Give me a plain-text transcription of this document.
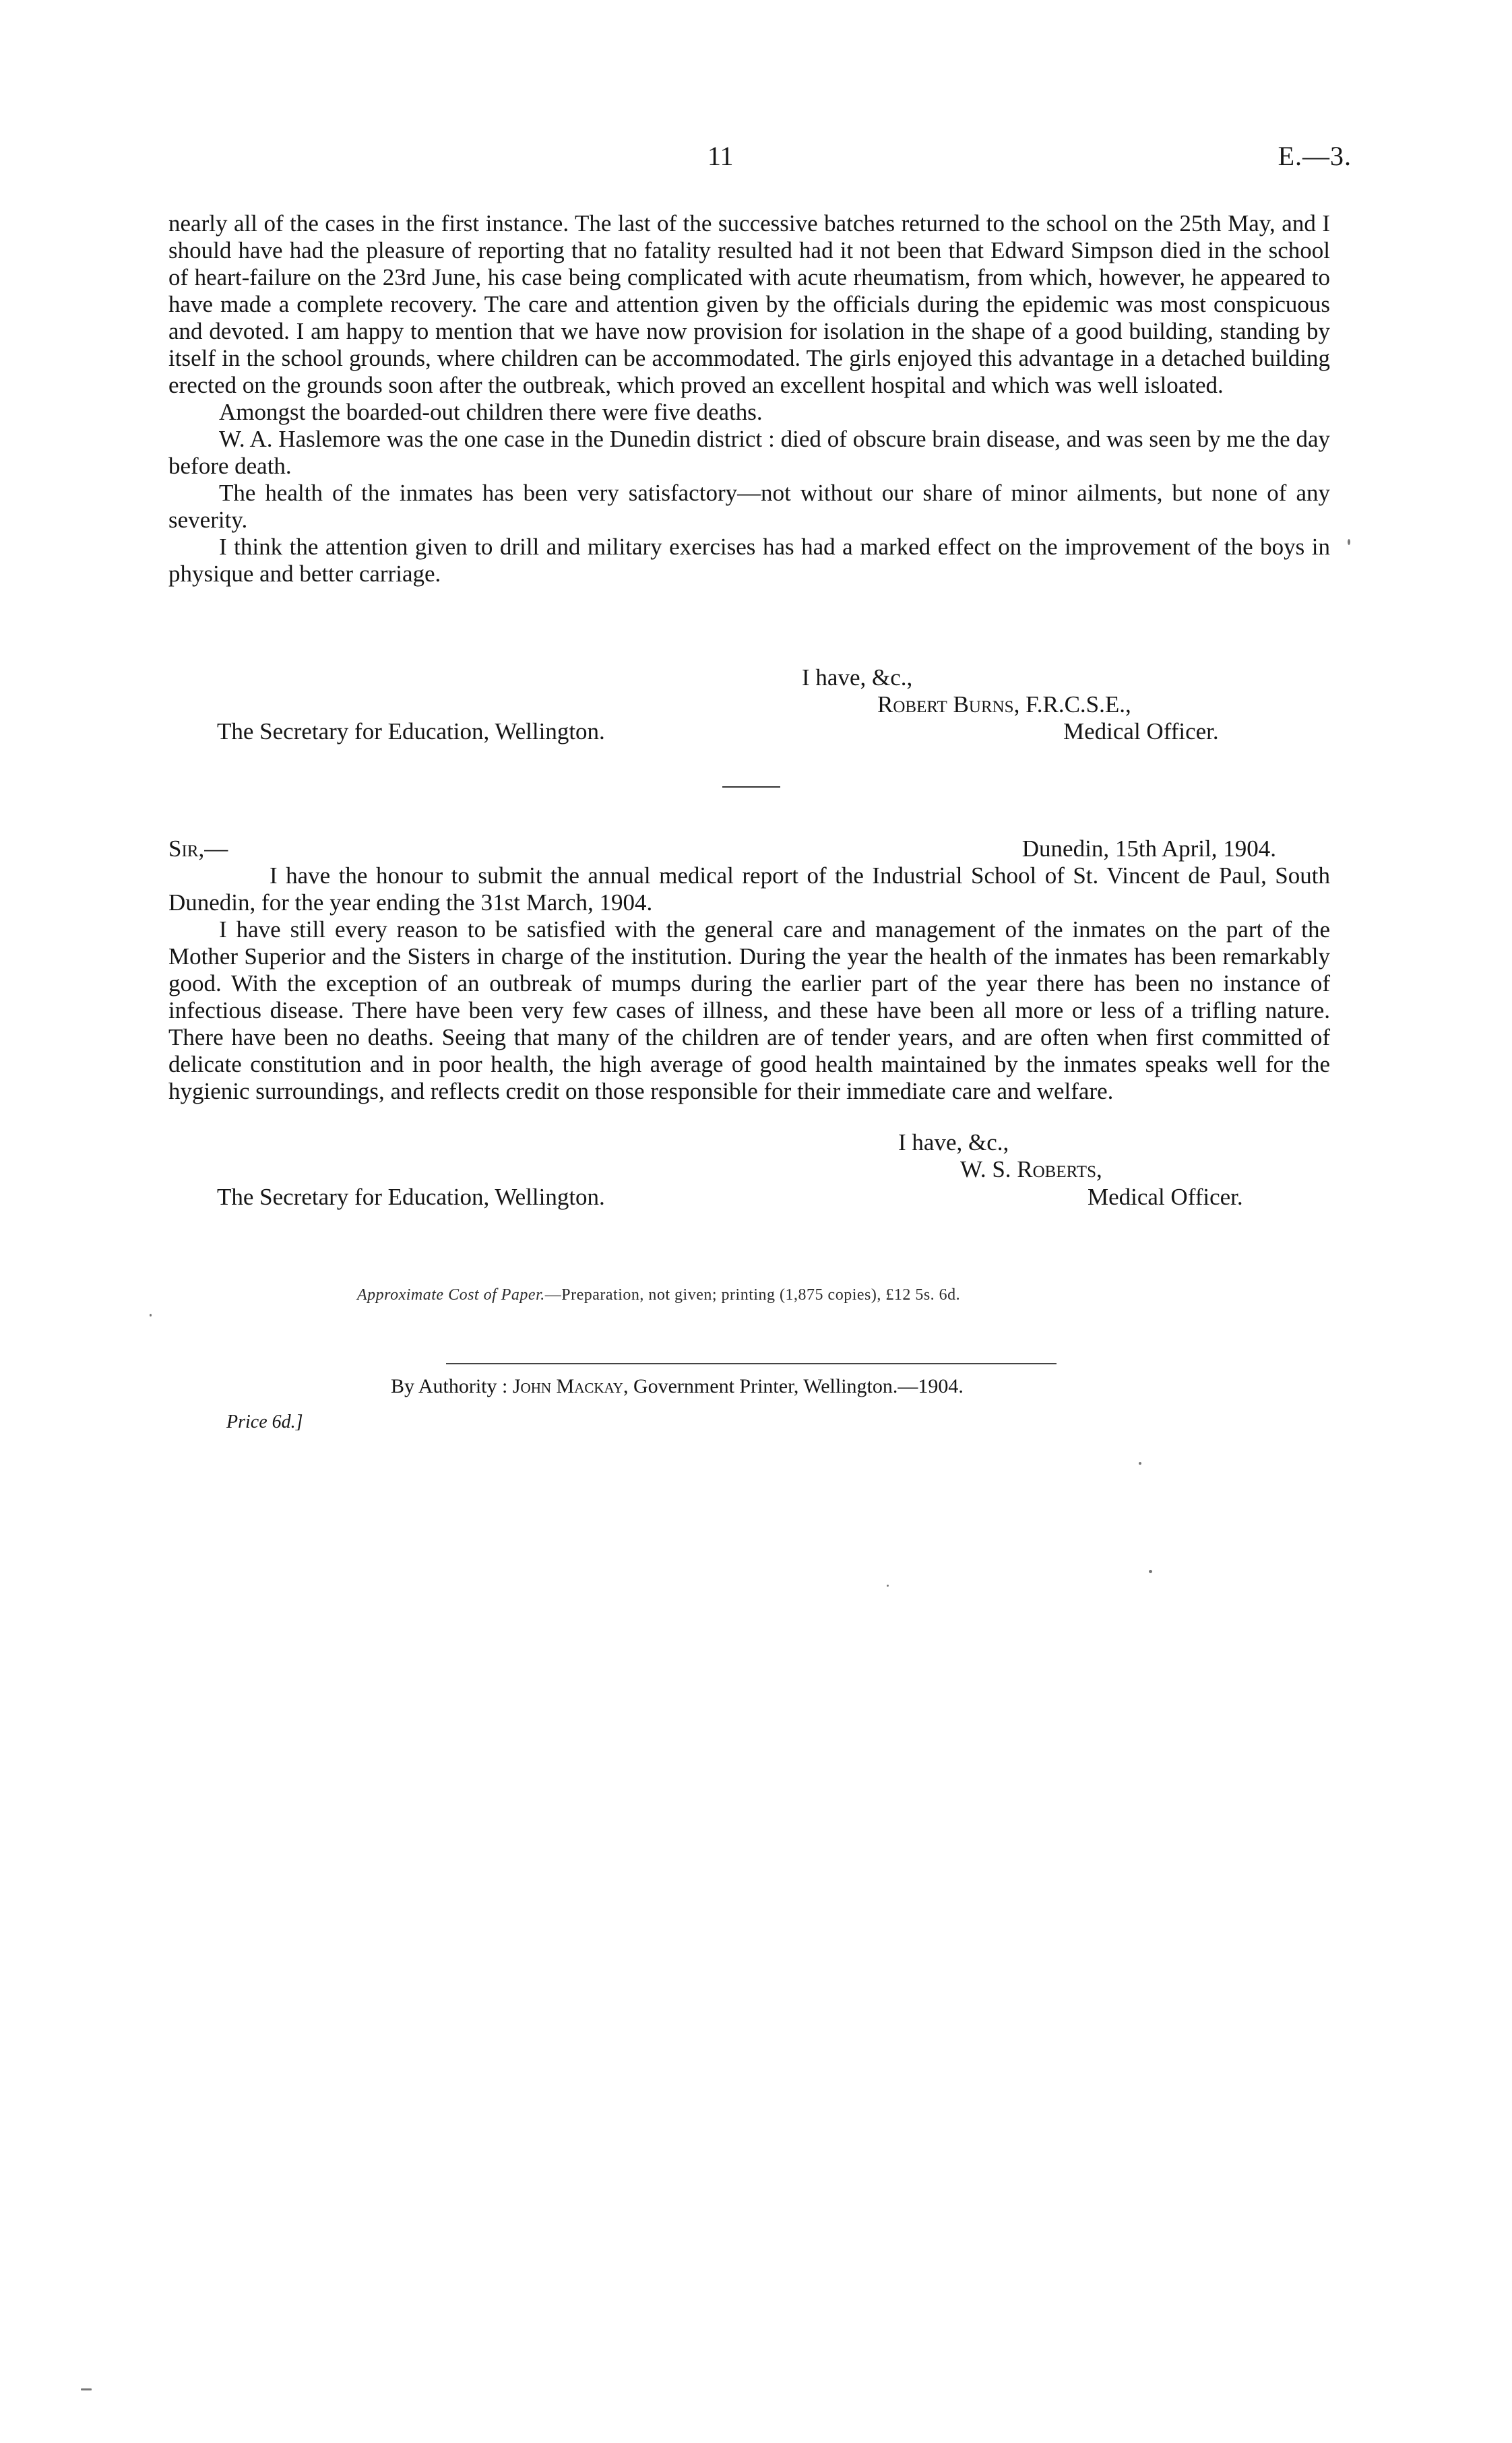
11	E.—3.

nearly all of the cases in the first instance. The last of the successive batches returned to the school on the 25th May, and I should have had the pleasure of reporting that no fatality resulted had it not been that Edward Simpson died in the school of heart-failure on the 23rd June, his case being complicated with acute rheumatism, from which, however, he appeared to have made a complete recovery. The care and attention given by the officials during the epidemic was most conspicuous and devoted. I am happy to mention that we have now provision for isolation in the shape of a good building, standing by itself in the school grounds, where children can be accommodated. The girls enjoyed this advantage in a detached building erected on the grounds soon after the outbreak, which proved an excellent hospital and which was well isloated.

Amongst the boarded-out children there were five deaths.

W. A. Haslemore was the one case in the Dunedin district : died of obscure brain disease, and was seen by me the day before death.

The health of the inmates has been very satisfactory—not without our share of minor ailments, but none of any severity.

I think the attention given to drill and military exercises has had a marked effect on the improvement of the boys in physique and better carriage.

I have, &c.,
Robert Burns, F.R.C.S.E.,
The Secretary for Education, Wellington.	Medical Officer.
Sir,—	Dunedin, 15th April, 1904.

I have the honour to submit the annual medical report of the Industrial School of St. Vincent de Paul, South Dunedin, for the year ending the 31st March, 1904.

I have still every reason to be satisfied with the general care and management of the inmates on the part of the Mother Superior and the Sisters in charge of the institution. During the year the health of the inmates has been remarkably good. With the exception of an outbreak of mumps during the earlier part of the year there has been no instance of infectious disease. There have been very few cases of illness, and these have been all more or less of a trifling nature. There have been no deaths. Seeing that many of the children are of tender years, and are often when first committed of delicate constitution and in poor health, the high average of good health maintained by the inmates speaks well for the hygienic surroundings, and reflects credit on those responsible for their immediate care and welfare.

I have, &c.,
W. S. Roberts,
The Secretary for Education, Wellington.	Medical Officer.
Approximate Cost of Paper.—Preparation, not given; printing (1,875 copies), £12 5s. 6d.
By Authority : John Mackay, Government Printer, Wellington.—1904.
Price 6d.]
